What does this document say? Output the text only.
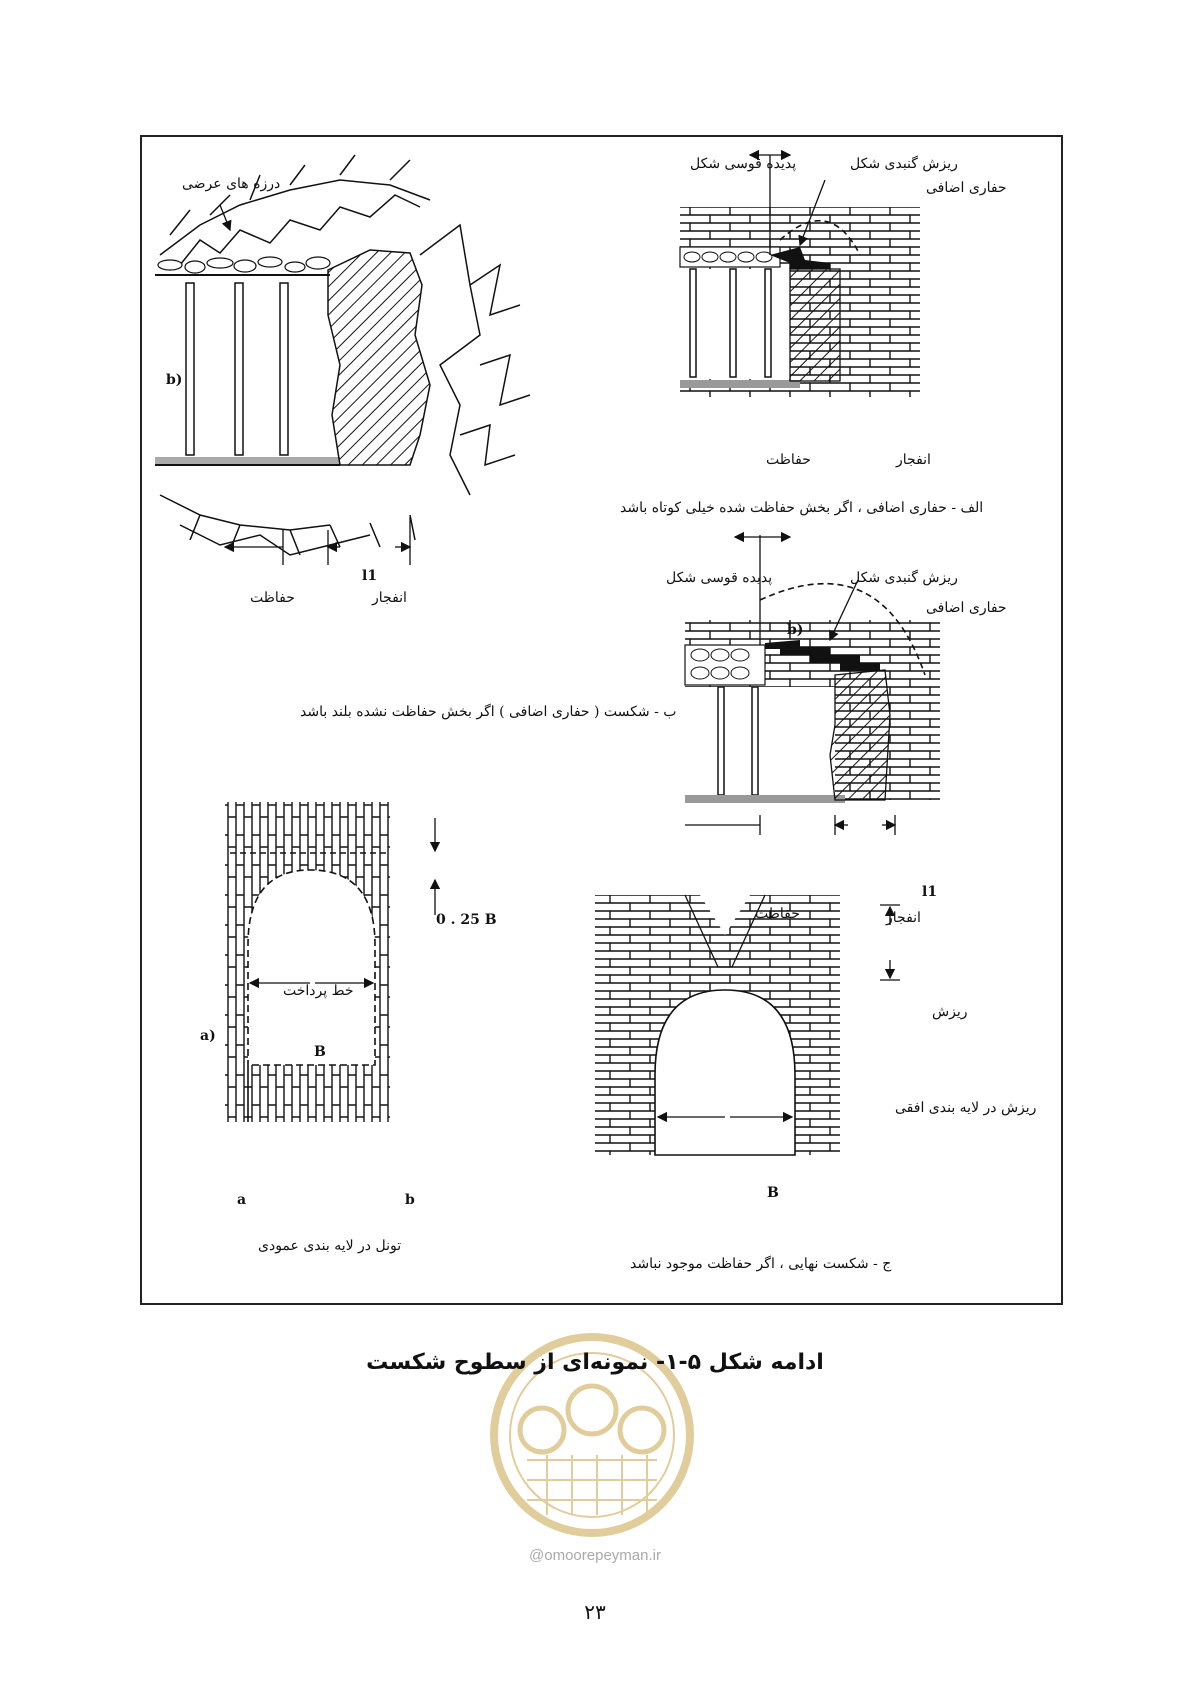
درزه های عرضی
b)
حفاظت	انفجار
l1
ریزش گنبدی شکل
پدیده قوسی شکل
حفاری اضافی
حفاظت	انفجار
الف - حفاری اضافی ، اگر بخش حفاظت شده خیلی کوتاه باشد
ریزش گنبدی شکل
پدیده قوسی شکل
حفاری اضافی
b)
ب - شکست ( حفاری اضافی ) اگر بخش حفاظت نشده بلند باشد
حفاظت	انفجار
l1
0 . 25 B
خط پرداخت
a)
B
a	b
تونل در لایه بندی عمودی
ریزش
ریزش در لایه بندی افقی
B
ج - شکست نهایی ، اگر حفاظت موجود نباشد
@omoorepeyman.ir
ادامه شکل ۵-۱- نمونه‌ای از سطوح شکست
۲۳
